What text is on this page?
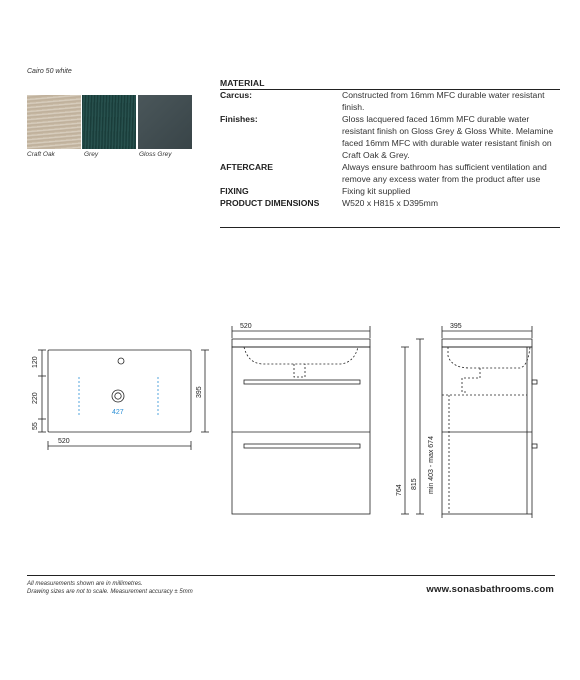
Cairo 50 white
Craft Oak	Grey	Gloss Grey
MATERIAL
Carcus:	Constructed from 16mm MFC durable water resistant
finish.
Finishes:	Gloss lacquered faced 16mm MFC durable water
resistant finish on Gloss Grey & Gloss White. Melamine
faced 16mm MFC with durable water resistant finish on
Craft Oak & Grey.
AFTERCARE	Always ensure bathroom has sufficient ventilation and
remove any excess water from the product after use
FIXING	Fixing kit supplied
PRODUCT DIMENSIONS	W520 x H815 x D395mm
120
220
55
427
395
520
520
764
815
395
min 403 - max 674
All measurements shown are in millimetres.
Drawing sizes are not to scale. Measurement accuracy ± 5mm	www.sonasbathrooms.com
